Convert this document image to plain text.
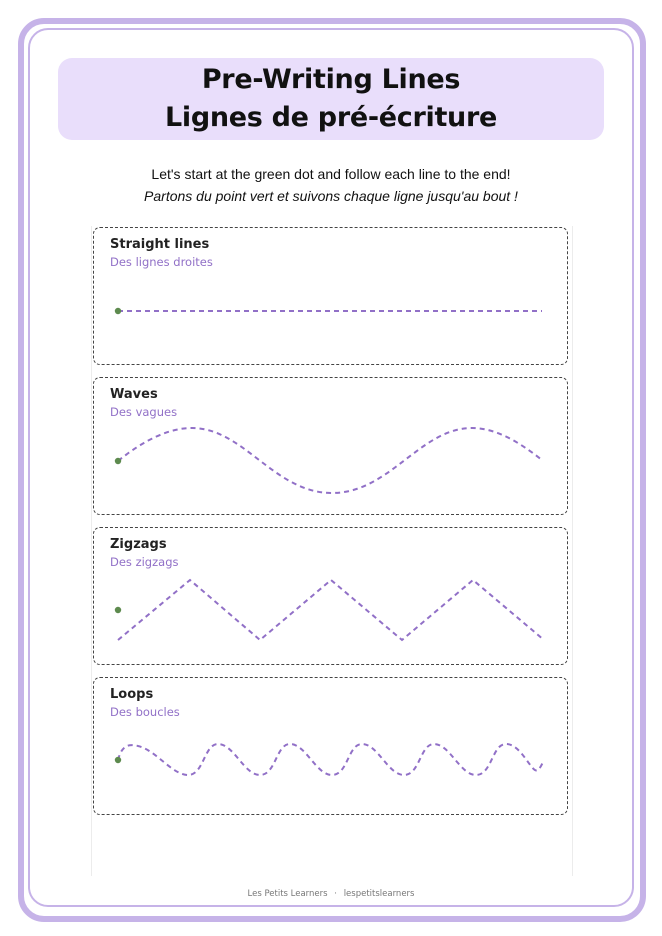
Pre-Writing Lines
Lignes de pré-écriture
Let's start at the green dot and follow each line to the end!
Partons du point vert et suivons chaque ligne jusqu'au bout !
Straight lines
Des lignes droites
Waves
Des vagues
Zigzags
Des zigzags
Loops
Des boucles
Les Petits Learners · lespetitslearners
